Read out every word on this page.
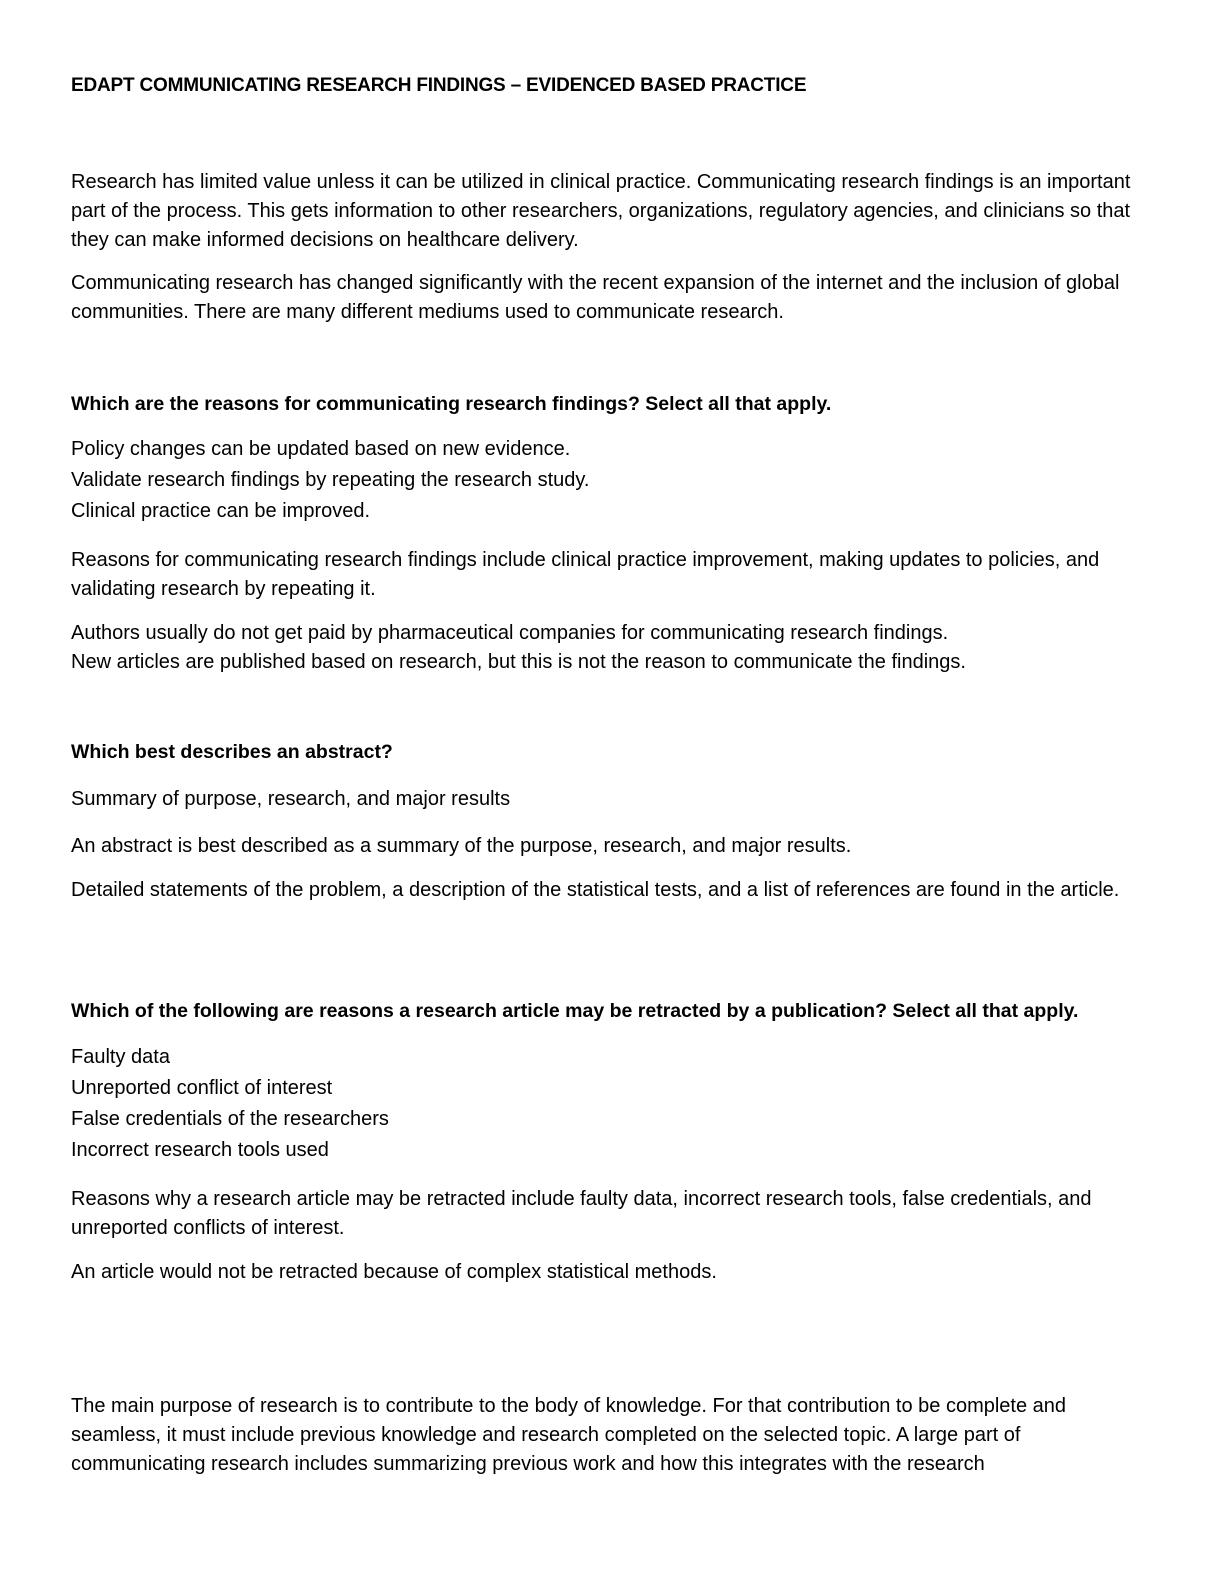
EDAPT COMMUNICATING RESEARCH FINDINGS – EVIDENCED BASED PRACTICE

Research has limited value unless it can be utilized in clinical practice. Communicating research findings is an important part of the process. This gets information to other researchers, organizations, regulatory agencies, and clinicians so that they can make informed decisions on healthcare delivery.

Communicating research has changed significantly with the recent expansion of the internet and the inclusion of global communities. There are many different mediums used to communicate research.

Which are the reasons for communicating research findings? Select all that apply.

Policy changes can be updated based on new evidence.
Validate research findings by repeating the research study.
Clinical practice can be improved.

Reasons for communicating research findings include clinical practice improvement, making updates to policies, and validating research by repeating it.

Authors usually do not get paid by pharmaceutical companies for communicating research findings.
New articles are published based on research, but this is not the reason to communicate the findings.

Which best describes an abstract?

Summary of purpose, research, and major results

An abstract is best described as a summary of the purpose, research, and major results.

Detailed statements of the problem, a description of the statistical tests, and a list of references are found in the article.

Which of the following are reasons a research article may be retracted by a publication? Select all that apply.

Faulty data
Unreported conflict of interest
False credentials of the researchers
Incorrect research tools used

Reasons why a research article may be retracted include faulty data, incorrect research tools, false credentials, and unreported conflicts of interest.

An article would not be retracted because of complex statistical methods.

The main purpose of research is to contribute to the body of knowledge. For that contribution to be complete and seamless, it must include previous knowledge and research completed on the selected topic. A large part of communicating research includes summarizing previous work and how this integrates with the research
